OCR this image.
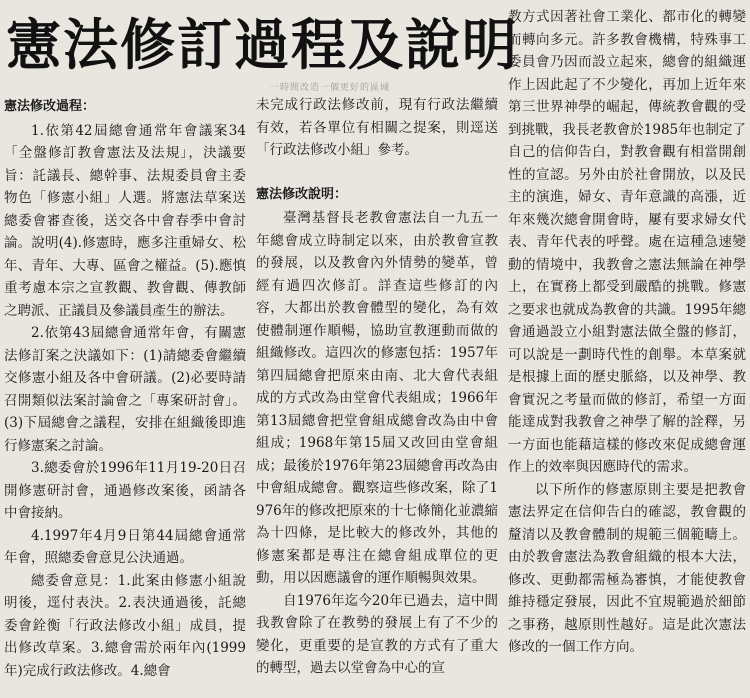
憲法修訂過程及說明
一時間改造一個更好的區域
憲法修改過程：

1.依第42屆總會通常年會議案34「全盤修訂教會憲法及法規」，決議要旨：託議長、總幹事、法規委員會主委物色「修憲小組」人選。將憲法草案送總委會審查後，送交各中會春季中會討論。說明(4).修憲時，應多注重婦女、松年、青年、大專、區會之權益。(5).應慎重考慮本宗之宣教觀、教會觀、傳教師之聘派、正議員及參議員產生的辦法。

2.依第43屆總會通常年會，有關憲法修訂案之決議如下：(1)請總委會繼續交修憲小組及各中會研議。(2)必要時請召開類似法案討論會之「專案研討會」。(3)下屆總會之議程，安排在組織後即進行修憲案之討論。

3.總委會於1996年11月19-20日召開修憲研討會，通過修改案後，函請各中會接納。

4.1997年4月9日第44屆總會通常年會，照總委會意見公決通過。

總委會意見：1.此案由修憲小組說明後，逕付表決。2.表決通過後，託總委會銓衡「行政法修改小組」成員，提出修改草案。3.總會需於兩年內(1999年)完成行政法修改。4.總會

未完成行政法修改前，現有行政法繼續有效，若各單位有相關之提案，則逕送「行政法修改小組」參考。

憲法修改說明：

臺灣基督長老教會憲法自一九五一年總會成立時制定以來，由於教會宣教的發展，以及教會內外情勢的變革，曾經有過四次修訂。詳查這些修訂的內容，大都出於教會體型的變化，為有效使體制運作順暢，協助宣教運動而做的組織修改。這四次的修憲包括：1957年第四屆總會把原來由南、北大會代表組成的方式改為由堂會代表組成；1966年第13屆總會把堂會組成總會改為由中會組成；1968年第15屆又改回由堂會組成；最後於1976年第23屆總會再改為由中會組成總會。觀察這些修改案，除了1976年的修改把原來的十七條簡化並濃縮為十四條，是比較大的修改外，其他的修憲案都是專注在總會組成單位的更動，用以因應議會的運作順暢與效果。

自1976年迄今20年已過去，這中間我教會除了在教勢的發展上有了不少的變化，更重要的是宣教的方式有了重大的轉型，過去以堂會為中心的宣

教方式因著社會工業化、都市化的轉變而轉向多元。許多教會機構，特殊事工委員會乃因而設立起來，總會的組織運作上因此起了不少變化，再加上近年來第三世界神學的崛起，傳統教會觀的受到挑戰，我長老教會於1985年也制定了自己的信仰告白，對教會觀有相當開創性的宣認。另外由於社會開放，以及民主的演進，婦女、青年意識的高漲，近年來幾次總會開會時，屢有要求婦女代表、青年代表的呼聲。處在這種急速變動的情境中，我教會之憲法無論在神學上，在實務上都受到嚴酷的挑戰。修憲之要求也就成為教會的共識。1995年總會通過設立小組對憲法做全盤的修訂，可以說是一劃時代性的創舉。本草案就是根據上面的歷史脈絡，以及神學、教會實況之考量而做的修訂，希望一方面能達成對我教會之神學了解的詮釋，另一方面也能藉這樣的修改來促成總會運作上的效率與因應時代的需求。

以下所作的修憲原則主要是把教會憲法界定在信仰告白的確認，教會觀的釐清以及教會體制的規範三個範疇上。由於教會憲法為教會組織的根本大法，修改、更動都需極為審慎，才能使教會維持穩定發展，因此不宜規範過於細節之事務，越原則性越好。這是此次憲法修改的一個工作方向。
